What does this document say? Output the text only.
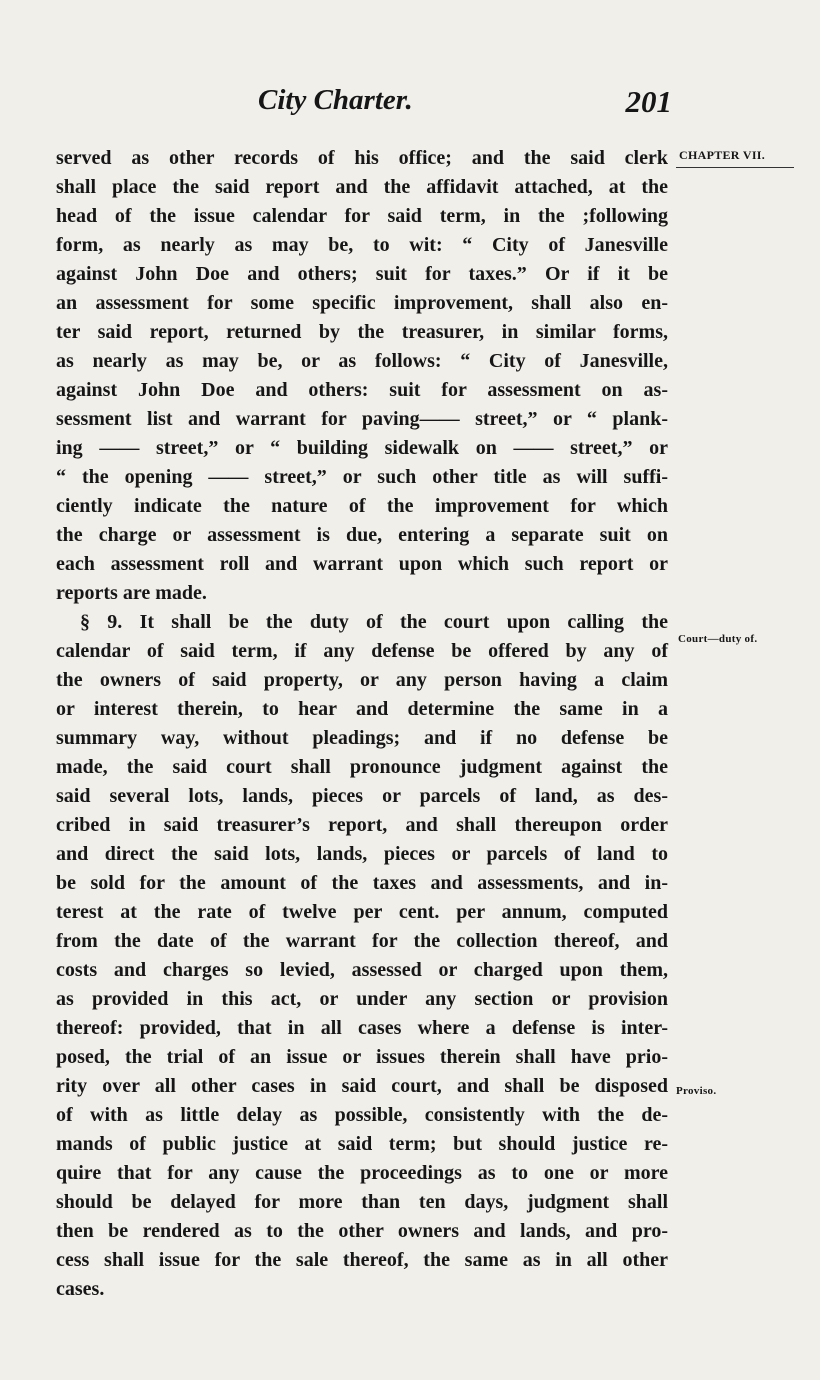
City Charter.	201
CHAPTER VII.
Court—duty of.
Proviso.
served as other records of his office; and the said clerk
shall place the said report and the affidavit attached, at the
head of the issue calendar for said term, in the ;following
form, as nearly as may be, to wit: “ City of Janesville
against John Doe and others; suit for taxes.” Or if it be
an assessment for some specific improvement, shall also en-
ter said report, returned by the treasurer, in similar forms,
as nearly as may be, or as follows: “ City of Janesville,
against John Doe and others: suit for assessment on as-
sessment list and warrant for paving—— street,” or “ plank-
ing —— street,” or “ building sidewalk on —— street,” or
“ the opening —— street,” or such other title as will suffi-
ciently indicate the nature of the improvement for which
the charge or assessment is due, entering a separate suit on
each assessment roll and warrant upon which such report or
reports are made.
§ 9. It shall be the duty of the court upon calling the
calendar of said term, if any defense be offered by any of
the owners of said property, or any person having a claim
or interest therein, to hear and determine the same in a
summary way, without pleadings; and if no defense be
made, the said court shall pronounce judgment against the
said several lots, lands, pieces or parcels of land, as des-
cribed in said treasurer’s report, and shall thereupon order
and direct the said lots, lands, pieces or parcels of land to
be sold for the amount of the taxes and assessments, and in-
terest at the rate of twelve per cent. per annum, computed
from the date of the warrant for the collection thereof, and
costs and charges so levied, assessed or charged upon them,
as provided in this act, or under any section or provision
thereof: provided, that in all cases where a defense is inter-
posed, the trial of an issue or issues therein shall have prio-
rity over all other cases in said court, and shall be disposed
of with as little delay as possible, consistently with the de-
mands of public justice at said term; but should justice re-
quire that for any cause the proceedings as to one or more
should be delayed for more than ten days, judgment shall
then be rendered as to the other owners and lands, and pro-
cess shall issue for the sale thereof, the same as in all other
cases.
